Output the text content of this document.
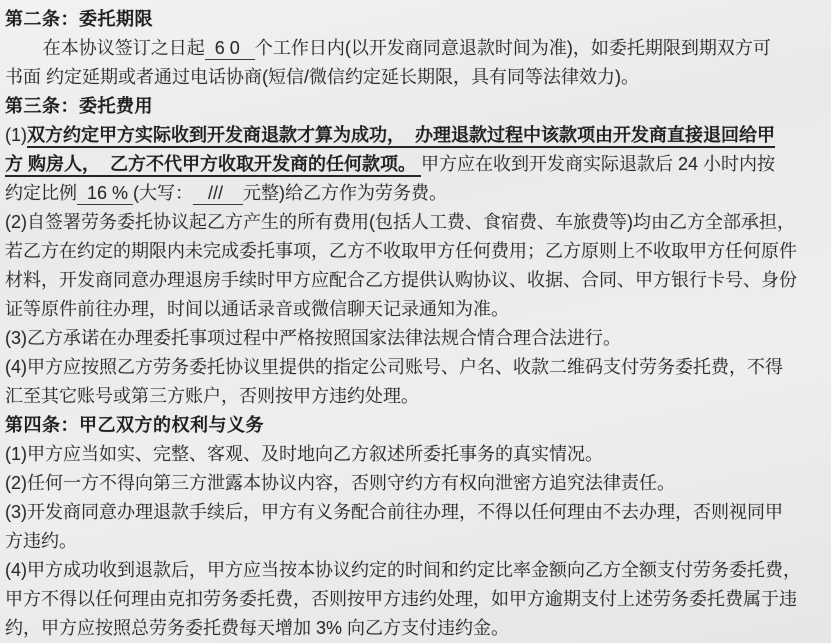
第二条：委托期限
在本协议签订之日起  6 0   个工作日内(以开发商同意退款时间为准)，如委托期限到期双方可
书面 约定延期或者通过电话协商(短信/微信约定延长期限，具有同等法律效力)。
第三条：委托费用
(1)双方约定甲方实际收到开发商退款才算为成功，  办理退款过程中该款项由开发商直接退回给甲
方 购房人，  乙方不代甲方收取开发商的任何款项。 甲方应在收到开发商实际退款后 24 小时内按
约定比例  16 % (大写：   ///    元整)给乙方作为劳务费。
(2)自签署劳务委托协议起乙方产生的所有费用(包括人工费、食宿费、车旅费等)均由乙方全部承担，
若乙方在约定的期限内未完成委托事项，乙方不收取甲方任何费用；乙方原则上不收取甲方任何原件
材料，开发商同意办理退房手续时甲方应配合乙方提供认购协议、收据、合同、甲方银行卡号、身份
证等原件前往办理，时间以通话录音或微信聊天记录通知为准。
(3)乙方承诺在办理委托事项过程中严格按照国家法律法规合情合理合法进行。
(4)甲方应按照乙方劳务委托协议里提供的指定公司账号、户名、收款二维码支付劳务委托费，不得
汇至其它账号或第三方账户，否则按甲方违约处理。
第四条：甲乙双方的权利与义务
(1)甲方应当如实、完整、客观、及时地向乙方叙述所委托事务的真实情况。
(2)任何一方不得向第三方泄露本协议内容，否则守约方有权向泄密方追究法律责任。
(3)开发商同意办理退款手续后，甲方有义务配合前往办理，不得以任何理由不去办理，否则视同甲
方违约。
(4)甲方成功收到退款后，甲方应当按本协议约定的时间和约定比率金额向乙方全额支付劳务委托费，
甲方不得以任何理由克扣劳务委托费，否则按甲方违约处理，如甲方逾期支付上述劳务委托费属于违
约，甲方应按照总劳务委托费每天增加 3% 向乙方支付违约金。
